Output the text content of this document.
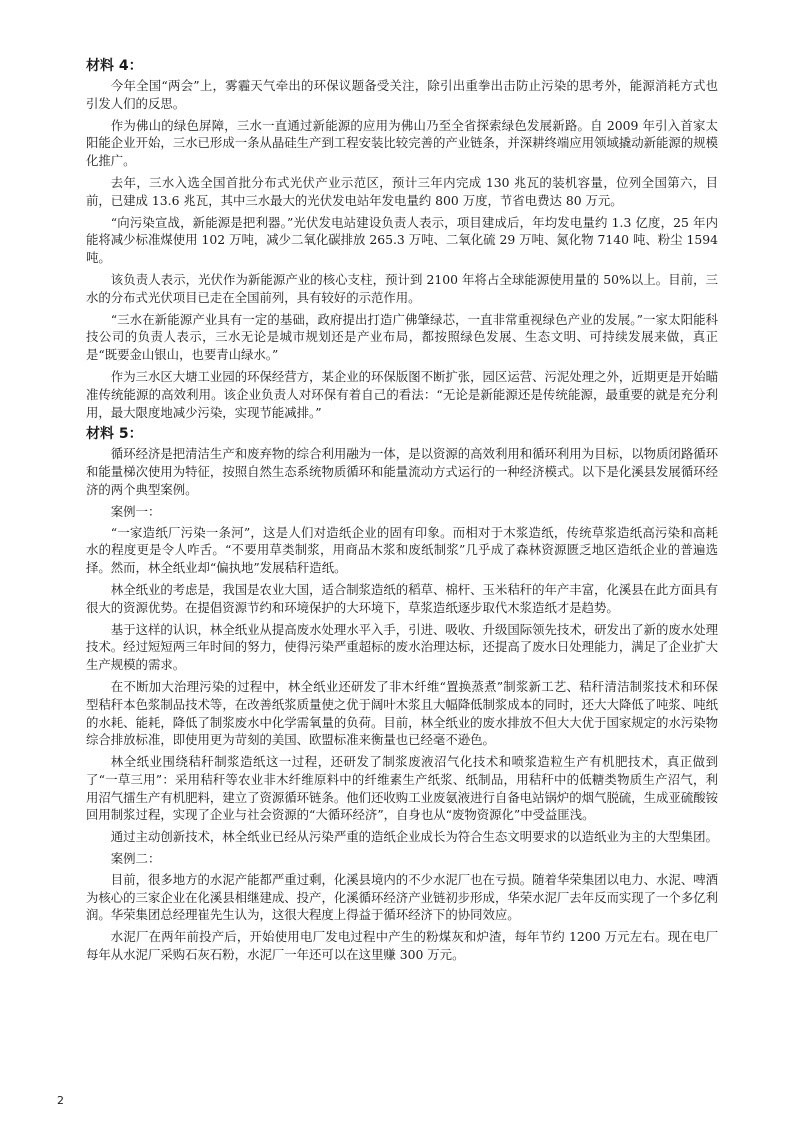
材料 4：

今年全国“两会”上，雾霾天气牵出的环保议题备受关注，除引出重拳出击防止污染的思考外，能源消耗方式也引发人们的反思。

作为佛山的绿色屏障，三水一直通过新能源的应用为佛山乃至全省探索绿色发展新路。自 2009 年引入首家太阳能企业开始，三水已形成一条从晶硅生产到工程安装比较完善的产业链条，并深耕终端应用领域撬动新能源的规模化推广。

去年，三水入选全国首批分布式光伏产业示范区，预计三年内完成 130 兆瓦的装机容量，位列全国第六，目前，已建成 13.6 兆瓦，其中三水最大的光伏发电站年发电量约 800 万度，节省电费达 80 万元。

“向污染宣战，新能源是把利器。”光伏发电站建设负责人表示，项目建成后，年均发电量约 1.3 亿度，25 年内能将减少标准煤使用 102 万吨，减少二氧化碳排放 265.3 万吨、二氧化硫 29 万吨、氮化物 7140 吨、粉尘 1594 吨。

该负责人表示，光伏作为新能源产业的核心支柱，预计到 2100 年将占全球能源使用量的 50%以上。目前，三水的分布式光伏项目已走在全国前列，具有较好的示范作用。

“三水在新能源产业具有一定的基础，政府提出打造广佛肇绿芯，一直非常重视绿色产业的发展。”一家太阳能科技公司的负责人表示，三水无论是城市规划还是产业布局，都按照绿色发展、生态文明、可持续发展来做，真正是“既要金山银山，也要青山绿水。”

作为三水区大塘工业园的环保经营方，某企业的环保版图不断扩张，园区运营、污泥处理之外，近期更是开始瞄准传统能源的高效利用。该企业负责人对环保有着自己的看法：“无论是新能源还是传统能源，最重要的就是充分利用，最大限度地减少污染，实现节能减排。”

材料 5：

循环经济是把清洁生产和废弃物的综合利用融为一体，是以资源的高效利用和循环利用为目标，以物质闭路循环和能量梯次使用为特征，按照自然生态系统物质循环和能量流动方式运行的一种经济模式。以下是化溪县发展循环经济的两个典型案例。

案例一：

“一家造纸厂污染一条河”，这是人们对造纸企业的固有印象。而相对于木浆造纸，传统草浆造纸高污染和高耗水的程度更是令人咋舌。“不要用草类制浆，用商品木浆和废纸制浆”几乎成了森林资源匮乏地区造纸企业的普遍选择。然而，林全纸业却“偏执地”发展秸秆造纸。

林全纸业的考虑是，我国是农业大国，适合制浆造纸的稻草、棉杆、玉米秸秆的年产丰富，化溪县在此方面具有很大的资源优势。在提倡资源节约和环境保护的大环境下，草浆造纸逐步取代木浆造纸才是趋势。

基于这样的认识，林全纸业从提高废水处理水平入手，引进、吸收、升级国际领先技术，研发出了新的废水处理技术。经过短短两三年时间的努力，使得污染严重超标的废水治理达标，还提高了废水日处理能力，满足了企业扩大生产规模的需求。

在不断加大治理污染的过程中，林全纸业还研发了非木纤维“置换蒸煮”制浆新工艺、秸秆清洁制浆技术和环保型秸秆本色浆制品技术等，在改善纸浆质量使之优于阔叶木浆且大幅降低制浆成本的同时，还大大降低了吨浆、吨纸的水耗、能耗，降低了制浆废水中化学需氧量的负荷。目前，林全纸业的废水排放不但大大优于国家规定的水污染物综合排放标准，即使用更为苛刻的美国、欧盟标准来衡量也已经毫不逊色。

林全纸业围绕秸秆制浆造纸这一过程，还研发了制浆废液沼气化技术和喷浆造粒生产有机肥技术，真正做到了“一草三用”：采用秸秆等农业非木纤维原料中的纤维素生产纸浆、纸制品，用秸秆中的低糖类物质生产沼气，利用沼气擂生产有机肥料，建立了资源循环链条。他们还收购工业废氨液进行自备电站锅炉的烟气脱硫，生成亚硫酸铵回用制浆过程，实现了企业与社会资源的“大循环经济”，自身也从“废物资源化”中受益匪浅。

通过主动创新技术，林全纸业已经从污染严重的造纸企业成长为符合生态文明要求的以造纸业为主的大型集团。

案例二：

目前，很多地方的水泥产能都严重过剩，化溪县境内的不少水泥厂也在亏损。随着华荣集团以电力、水泥、啤酒为核心的三家企业在化溪县相继建成、投产，化溪循环经济产业链初步形成，华荣水泥厂去年反而实现了一个多亿利润。华荣集团总经理崔先生认为，这很大程度上得益于循环经济下的协同效应。

水泥厂在两年前投产后，开始使用电厂发电过程中产生的粉煤灰和炉渣，每年节约 1200 万元左右。现在电厂每年从水泥厂采购石灰石粉，水泥厂一年还可以在这里赚 300 万元。

2
